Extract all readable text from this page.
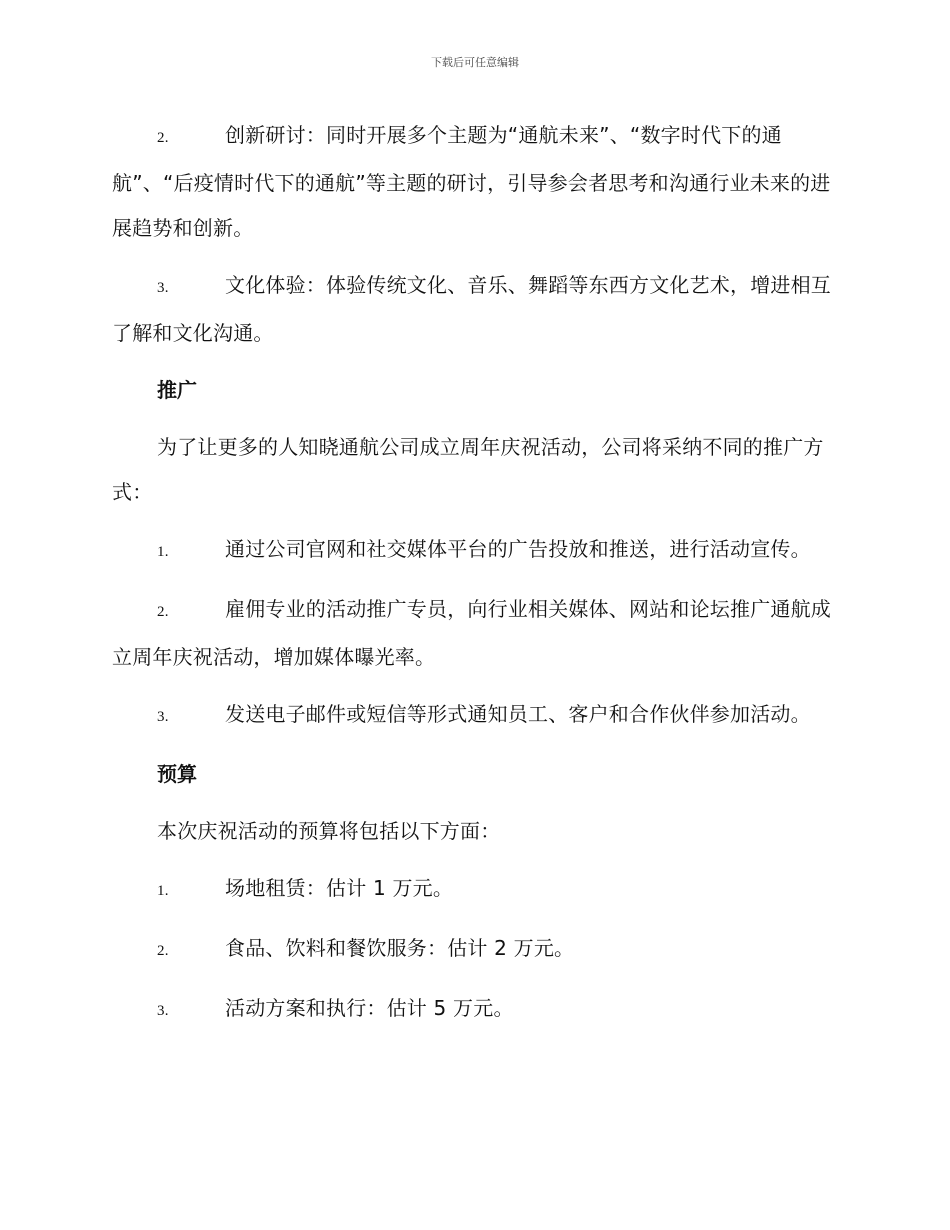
下载后可任意编辑
2.	创新研讨：同时开展多个主题为“通航未来”、“数字时代下的通航”、“后疫情时代下的通航”等主题的研讨，引导参会者思考和沟通行业未来的进展趋势和创新。
3.	文化体验：体验传统文化、音乐、舞蹈等东西方文化艺术，增进相互了解和文化沟通。
推广
为了让更多的人知晓通航公司成立周年庆祝活动，公司将采纳不同的推广方式：
1.	通过公司官网和社交媒体平台的广告投放和推送，进行活动宣传。
2.	雇佣专业的活动推广专员，向行业相关媒体、网站和论坛推广通航成立周年庆祝活动，增加媒体曝光率。
3.	发送电子邮件或短信等形式通知员工、客户和合作伙伴参加活动。
预算
本次庆祝活动的预算将包括以下方面：
1.	场地租赁：估计 1 万元。
2.	食品、饮料和餐饮服务：估计 2 万元。
3.	活动方案和执行：估计 5 万元。
